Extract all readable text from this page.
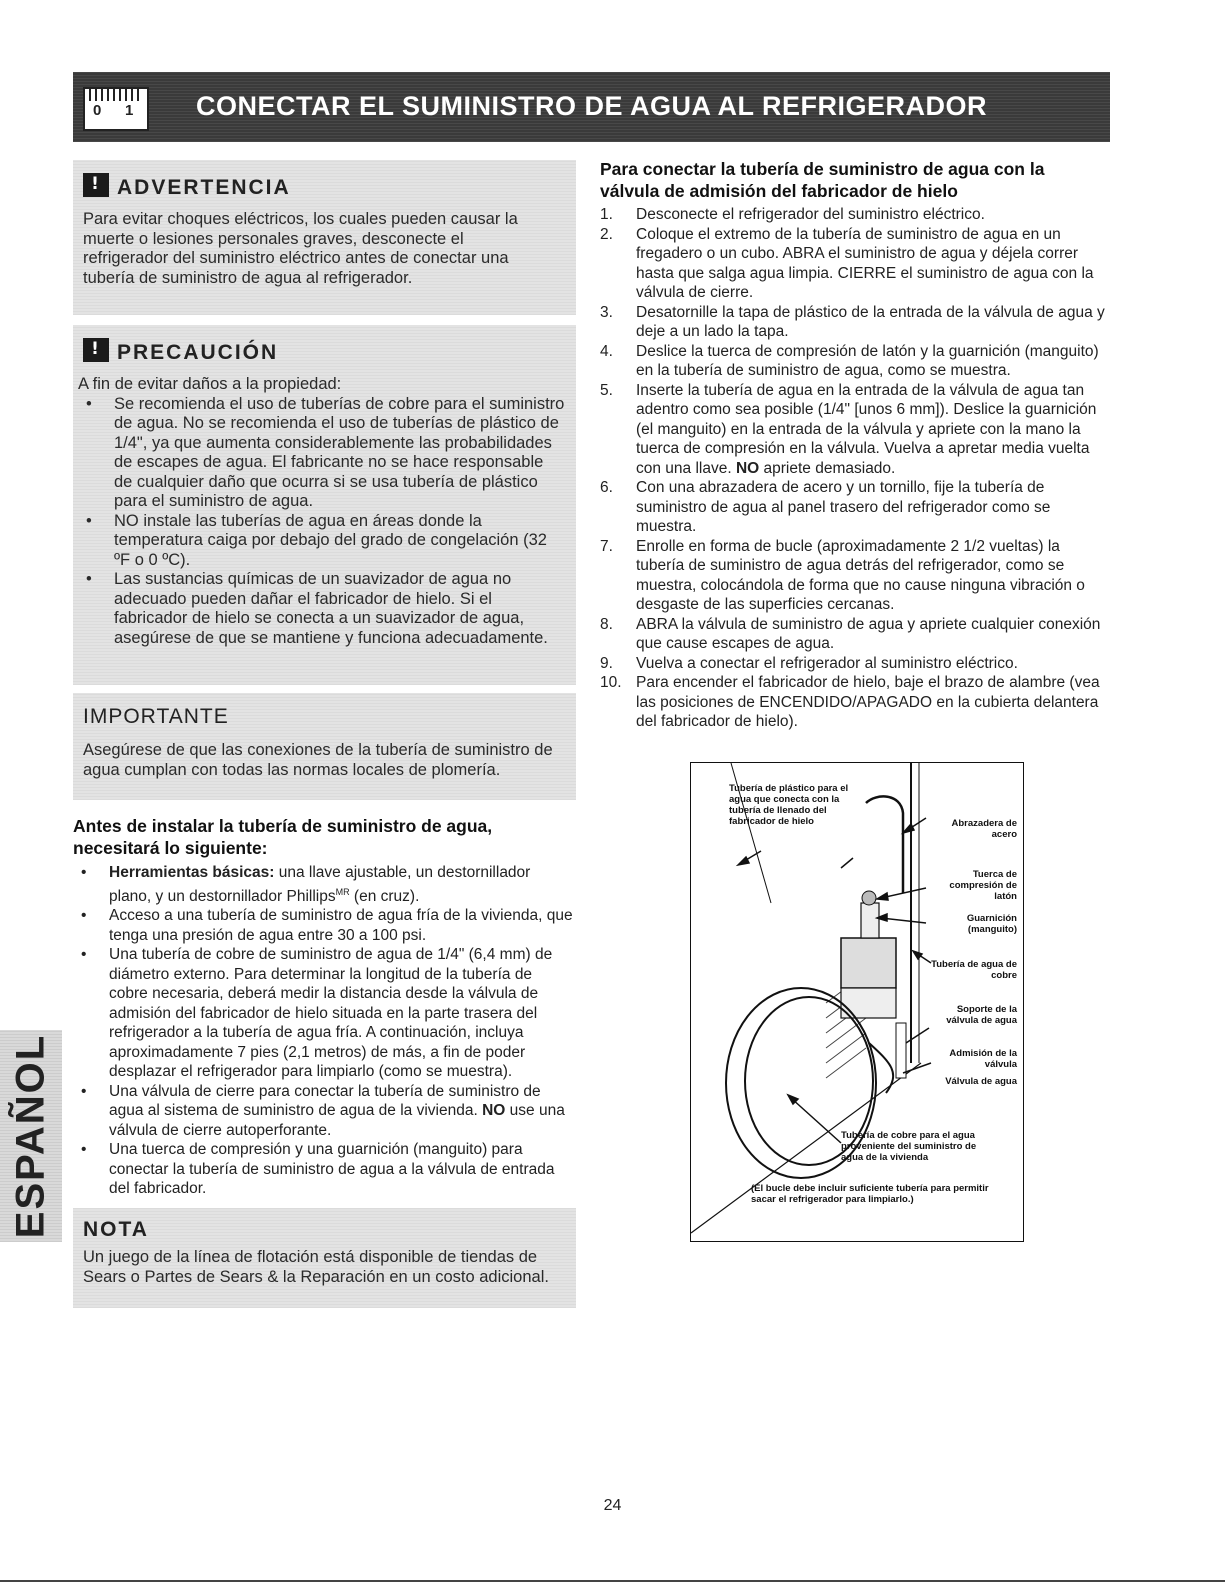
0 1	CONECTAR EL SUMINISTRO DE AGUA AL REFRIGERADOR
!ADVERTENCIA
Para evitar choques eléctricos, los cuales pueden causar la muerte o lesiones personales graves, desconecte el refrigerador del suministro eléctrico antes de conectar una tubería de suministro de agua al refrigerador.
!PRECAUCIÓN
A fin de evitar daños a la propiedad:
• Se recomienda el uso de tuberías de cobre para el suministro de agua. No se recomienda el uso de tuberías de plástico de 1/4", ya que aumenta considerablemente las probabilidades de escapes de agua. El fabricante no se hace responsable de cualquier daño que ocurra si se usa tubería de plástico para el suministro de agua.
• NO instale las tuberías de agua en áreas donde la temperatura caiga por debajo del grado de congelación (32 ºF o 0 ºC).
• Las sustancias químicas de un suavizador de agua no adecuado pueden dañar el fabricador de hielo. Si el fabricador de hielo se conecta a un suavizador de agua, asegúrese de que se mantiene y funciona adecuadamente.
IMPORTANTE
Asegúrese de que las conexiones de la tubería de suministro de agua cumplan con todas las normas locales de plomería.
Antes de instalar la tubería de suministro de agua, necesitará lo siguiente:
• Herramientas básicas: una llave ajustable, un destornillador plano, y un destornillador Phillips$^{MR}$ (en cruz).
• Acceso a una tubería de suministro de agua fría de la vivienda, que tenga una presión de agua entre 30 a 100 psi.
• Una tubería de cobre de suministro de agua de 1/4" (6,4 mm) de diámetro externo. Para determinar la longitud de la tubería de cobre necesaria, deberá medir la distancia desde la válvula de admisión del fabricador de hielo situada en la parte trasera del refrigerador a la tubería de agua fría. A continuación, incluya aproximadamente 7 pies (2,1 metros) de más, a fin de poder desplazar el refrigerador para limpiarlo (como se muestra).
• Una válvula de cierre para conectar la tubería de suministro de agua al sistema de suministro de agua de la vivienda. NO use una válvula de cierre autoperforante.
• Una tuerca de compresión y una guarnición (manguito) para conectar la tubería de suministro de agua a la válvula de entrada del fabricador.
ESPAÑOL NOTA
Un juego de la línea de flotación está disponible de tiendas de Sears o Partes de Sears & la Reparación en un costo adicional.
Para conectar la tubería de suministro de agua con la válvula de admisión del fabricador de hielo
1. Desconecte el refrigerador del suministro eléctrico.
2. Coloque el extremo de la tubería de suministro de agua en un fregadero o un cubo. ABRA el suministro de agua y déjela correr hasta que salga agua limpia. CIERRE el suministro de agua con la válvula de cierre.
3. Desatornille la tapa de plástico de la entrada de la válvula de agua y deje a un lado la tapa.
4. Deslice la tuerca de compresión de latón y la guarnición (manguito) en la tubería de suministro de agua, como se muestra.
5. Inserte la tubería de agua en la entrada de la válvula de agua tan adentro como sea posible (1/4" [unos 6 mm]). Deslice la guarnición (el manguito) en la entrada de la válvula y apriete con la mano la tuerca de compresión en la válvula. Vuelva a apretar media vuelta con una llave. NO apriete demasiado.
6. Con una abrazadera de acero y un tornillo, fije la tubería de suministro de agua al panel trasero del refrigerador como se muestra.
7. Enrolle en forma de bucle (aproximadamente 2 1/2 vueltas) la tubería de suministro de agua detrás del refrigerador, como se muestra, colocándola de forma que no cause ninguna vibración o desgaste de las superficies cercanas.
8. ABRA la válvula de suministro de agua y apriete cualquier conexión que cause escapes de agua.
9. Vuelva a conectar el refrigerador al suministro eléctrico.
10. Para encender el fabricador de hielo, baje el brazo de alambre (vea las posiciones de ENCENDIDO/APAGADO en la cubierta delantera del fabricador de hielo).
Tubería de plástico para el agua que conecta con la tubería de llenado del fabricador de hielo	Abrazadera de acero
Tuerca de compresión de latón
Guarnición (manguito)
Tubería de agua de cobre
Soporte de la válvula de agua
Admisión de la válvula
Válvula de agua
Tubería de cobre para el agua proveniente del suministro de agua de la vivienda
(El bucle debe incluir suficiente tubería para permitir sacar el refrigerador para limpiarlo.)
24
